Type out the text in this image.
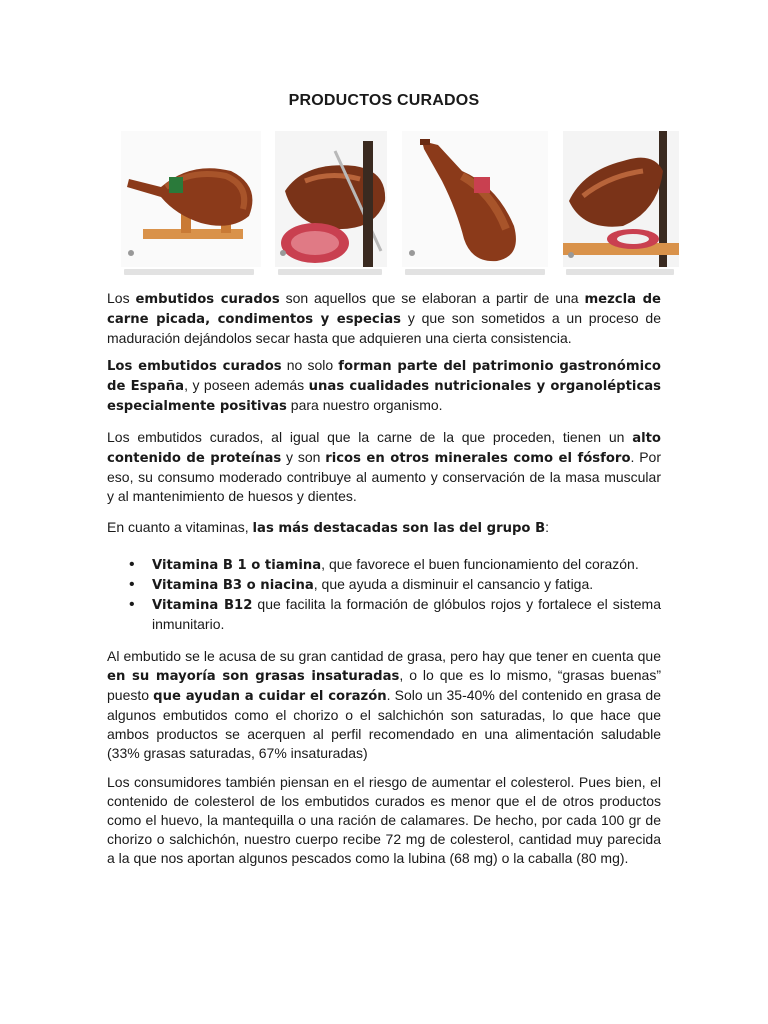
PRODUCTOS CURADOS

Los embutidos curados son aquellos que se elaboran a partir de una mezcla de carne picada, condimentos y especias y que son sometidos a un proceso de maduración dejándolos secar hasta que adquieren una cierta consistencia.

Los embutidos curados no solo forman parte del patrimonio gastronómico de España, y poseen además unas cualidades nutricionales y organolépticas especialmente positivas para nuestro organismo.

Los embutidos curados, al igual que la carne de la que proceden, tienen un alto contenido de proteínas y son ricos en otros minerales como el fósforo. Por eso, su consumo moderado contribuye al aumento y conservación de la masa muscular y al mantenimiento de huesos y dientes.

En cuanto a vitaminas, las más destacadas son las del grupo B:

• Vitamina B 1 o tiamina, que favorece el buen funcionamiento del corazón.
• Vitamina B3 o niacina, que ayuda a disminuir el cansancio y fatiga.
• Vitamina B12 que facilita la formación de glóbulos rojos y fortalece el sistema inmunitario.

Al embutido se le acusa de su gran cantidad de grasa, pero hay que tener en cuenta que en su mayoría son grasas insaturadas, o lo que es lo mismo, “grasas buenas” puesto que ayudan a cuidar el corazón. Solo un 35-40% del contenido en grasa de algunos embutidos como el chorizo o el salchichón son saturadas, lo que hace que ambos productos se acerquen al perfil recomendado en una alimentación saludable (33% grasas saturadas, 67% insaturadas)

Los consumidores también piensan en el riesgo de aumentar el colesterol. Pues bien, el contenido de colesterol de los embutidos curados es menor que el de otros productos como el huevo, la mantequilla o una ración de calamares. De hecho, por cada 100 gr de chorizo o salchichón, nuestro cuerpo recibe 72 mg de colesterol, cantidad muy parecida a la que nos aportan algunos pescados como la lubina (68 mg) o la caballa (80 mg).
